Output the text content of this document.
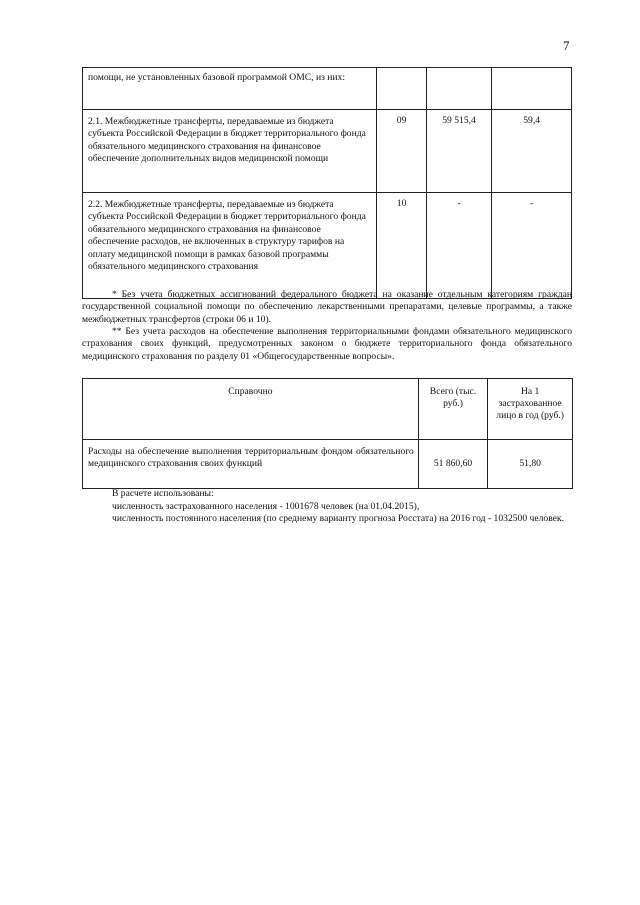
7
помощи, не установленных базовой программой ОМС, из них:			
2.1. Межбюджетные трансферты, передаваемые из бюджета субъекта Российской Федерации в бюджет территориального фонда обязательного медицинского страхования на финансовое обеспечение дополнительных видов медицинской помощи	09	59 515,4	59,4
2.2. Межбюджетные трансферты, передаваемые из бюджета субъекта Российской Федерации в бюджет территориального фонда обязательного медицинского страхования на финансовое обеспечение расходов, не включенных в структуру тарифов на оплату медицинской помощи в рамках базовой программы обязательного медицинского страхования	10	-	-
* Без учета бюджетных ассигнований федерального бюджета на оказание отдельным категориям граждан государственной социальной помощи по обеспечению лекарственными препаратами, целевые программы, а также межбюджетных трансфертов (строки 06 и 10).
** Без учета расходов на обеспечение выполнения территориальными фондами обязательного медицинского страхования своих функций, предусмотренных законом о бюджете территориального фонда обязательного медицинского страхования по разделу 01 «Общегосударственные вопросы».
Справочно	Всего (тыс. руб.)	На 1 застрахованное лицо в год (руб.)
Расходы на обеспечение выполнения территориальным фондом обязательного медицинского страхования своих функций	51 860,60	51,80
В расчете использованы:
численность застрахованного населения - 1001678 человек (на 01.04.2015),
численность постоянного населения (по среднему варианту прогноза Росстата) на 2016 год - 1032500 человек.
